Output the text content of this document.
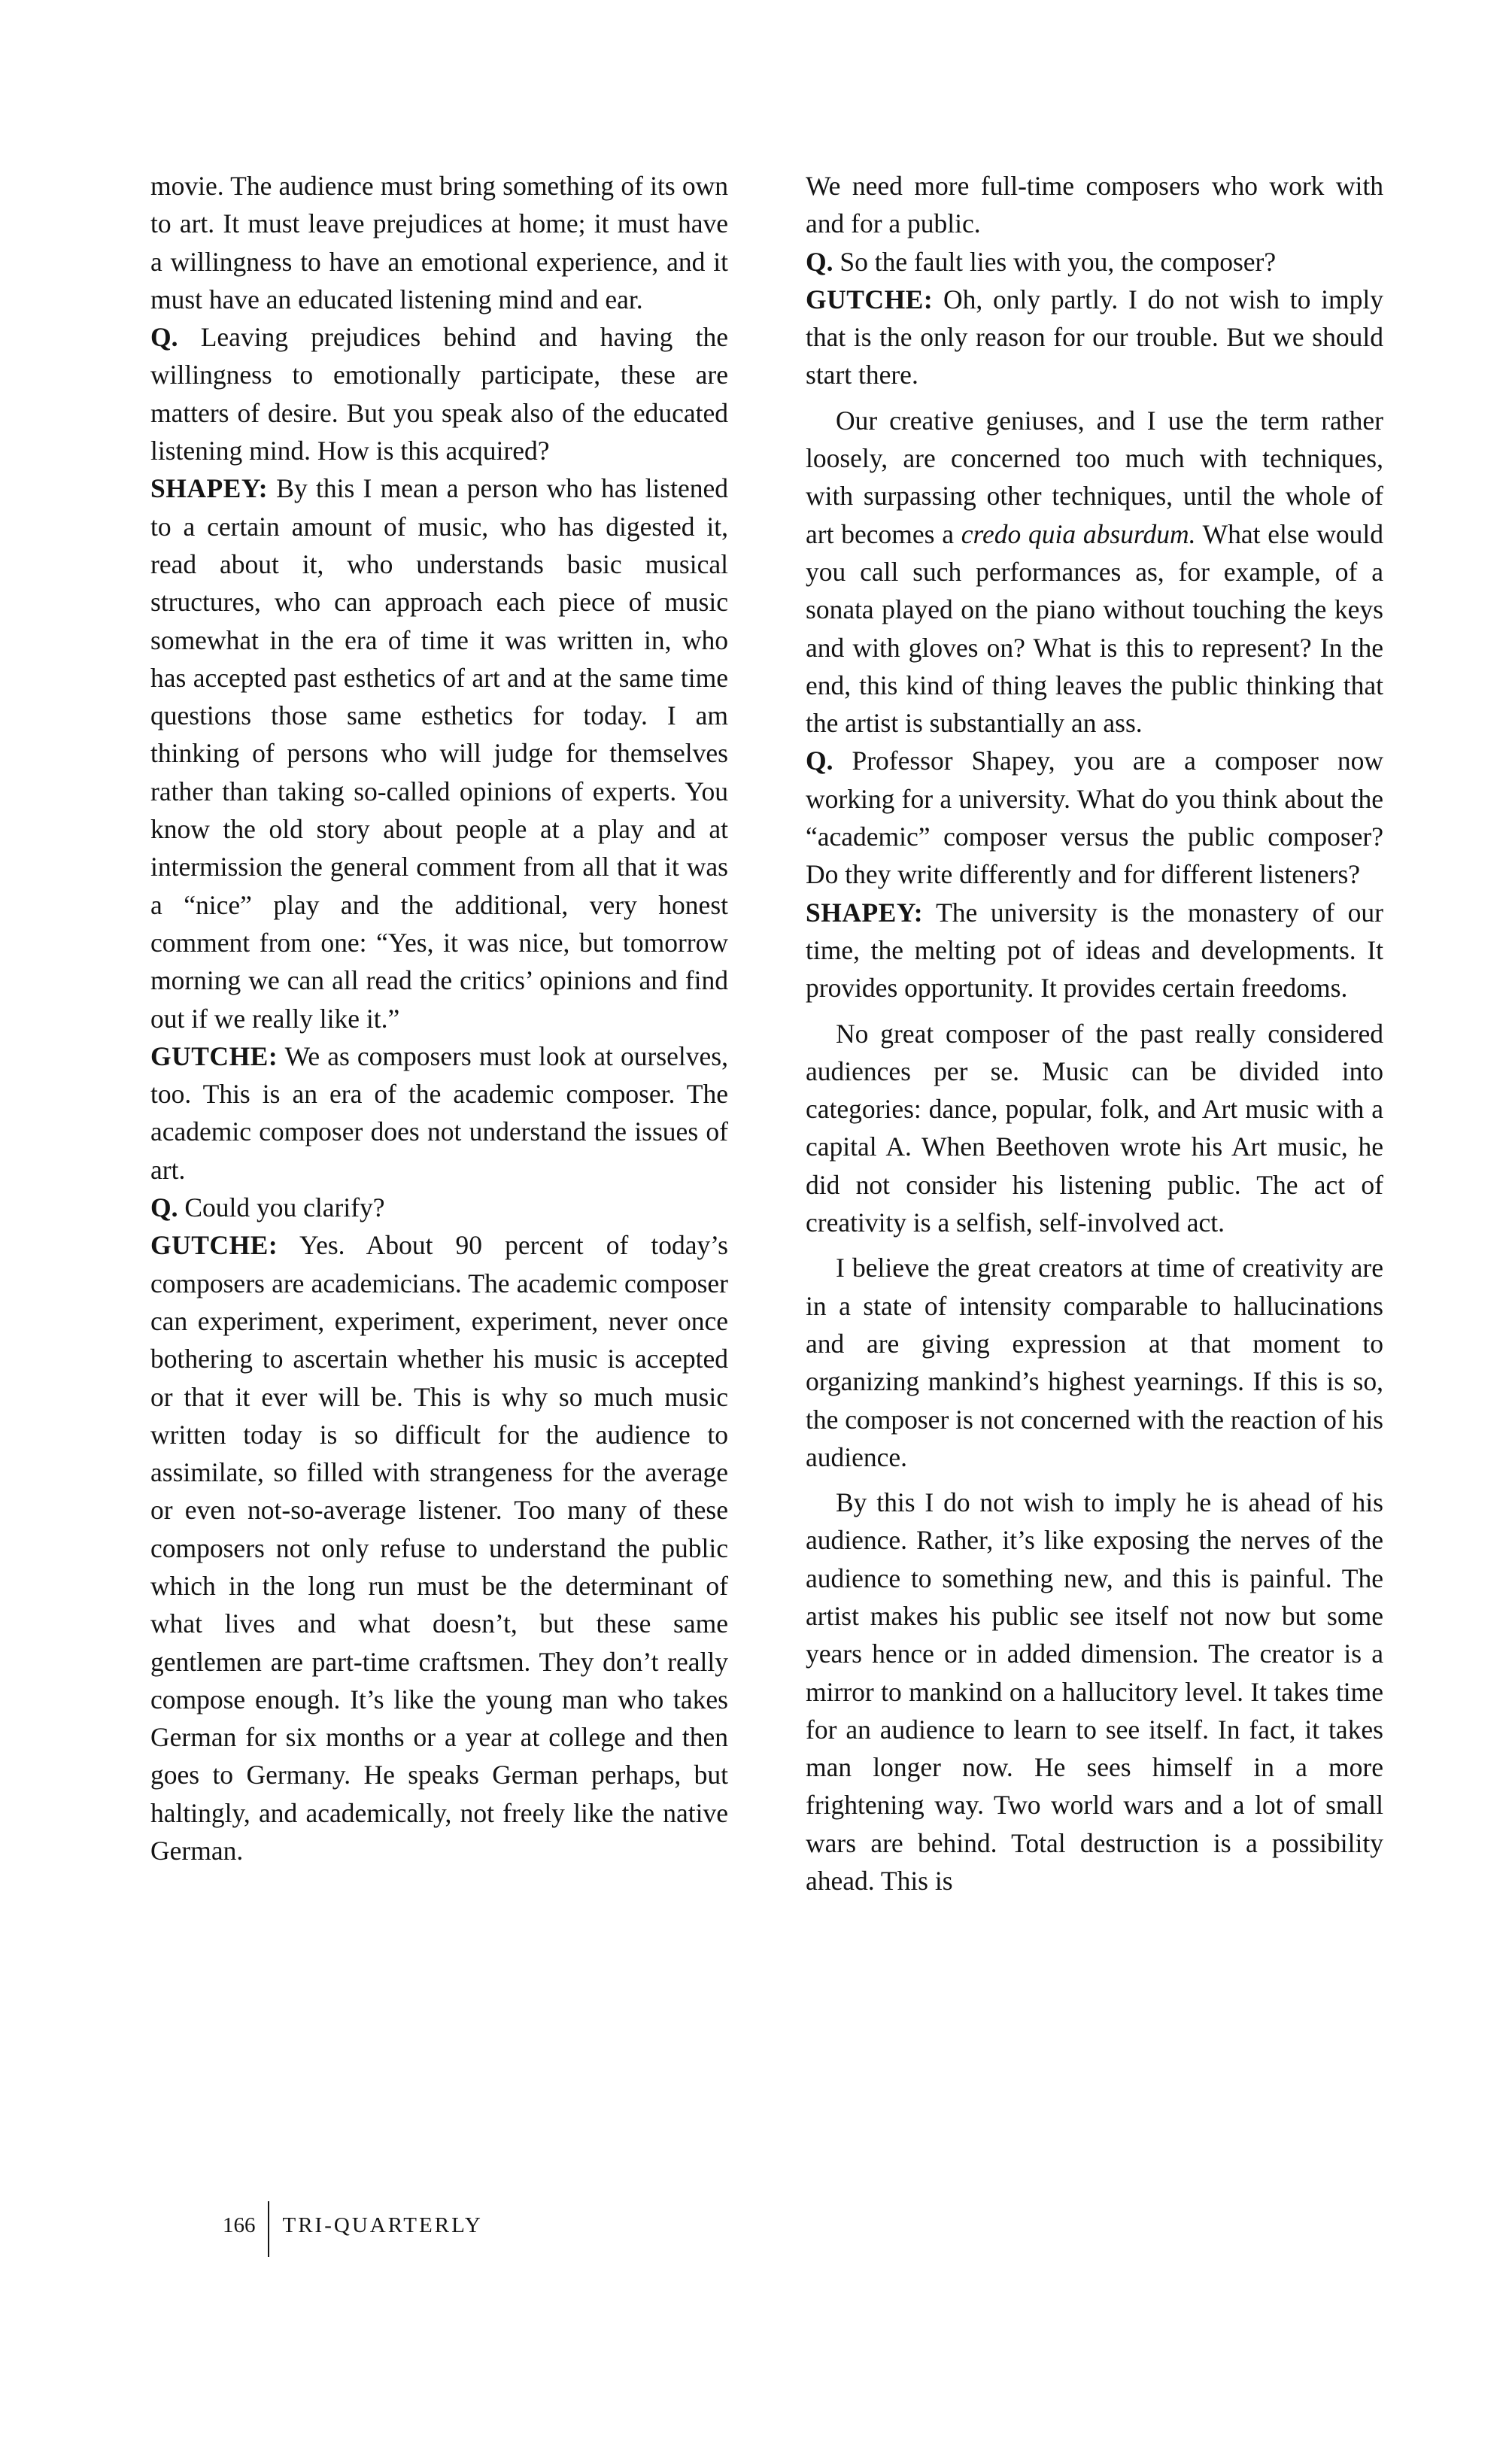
movie. The audience must bring something of its own to art. It must leave prejudices at home; it must have a willingness to have an emotional experience, and it must have an educated listening mind and ear.

Q. Leaving prejudices behind and having the willingness to emotionally participate, these are matters of desire. But you speak also of the educated listening mind. How is this acquired?

SHAPEY: By this I mean a person who has listened to a certain amount of music, who has digested it, read about it, who understands basic musical structures, who can approach each piece of music somewhat in the era of time it was written in, who has accepted past esthetics of art and at the same time questions those same esthetics for today. I am thinking of persons who will judge for themselves rather than taking so-called opinions of experts. You know the old story about people at a play and at intermission the general comment from all that it was a “nice” play and the additional, very honest comment from one: “Yes, it was nice, but tomorrow morning we can all read the critics’ opinions and find out if we really like it.”

GUTCHE: We as composers must look at ourselves, too. This is an era of the academic composer. The academic composer does not understand the issues of art.

Q. Could you clarify?

GUTCHE: Yes. About 90 percent of today’s composers are academicians. The academic composer can experiment, experiment, experiment, never once bothering to ascertain whether his music is accepted or that it ever will be. This is why so much music written today is so difficult for the audience to assimilate, so filled with strangeness for the average or even not-so-average listener. Too many of these composers not only refuse to understand the public which in the long run must be the determinant of what lives and what doesn’t, but these same gentlemen are part-time craftsmen. They don’t really compose enough. It’s like the young man who takes German for six months or a year at college and then goes to Germany. He speaks German perhaps, but haltingly, and academically, not freely like the native German.

We need more full-time composers who work with and for a public.

Q. So the fault lies with you, the composer?

GUTCHE: Oh, only partly. I do not wish to imply that is the only reason for our trouble. But we should start there.

Our creative geniuses, and I use the term rather loosely, are concerned too much with techniques, with surpassing other techniques, until the whole of art becomes a credo quia absurdum. What else would you call such performances as, for example, of a sonata played on the piano without touching the keys and with gloves on? What is this to represent? In the end, this kind of thing leaves the public thinking that the artist is substantially an ass.

Q. Professor Shapey, you are a composer now working for a university. What do you think about the “academic” composer versus the public composer? Do they write differently and for different listeners?

SHAPEY: The university is the monastery of our time, the melting pot of ideas and developments. It provides opportunity. It provides certain freedoms.

No great composer of the past really considered audiences per se. Music can be divided into categories: dance, popular, folk, and Art music with a capital A. When Beethoven wrote his Art music, he did not consider his listening public. The act of creativity is a selfish, self-involved act.

I believe the great creators at time of creativity are in a state of intensity comparable to hallucinations and are giving expression at that moment to organizing mankind’s highest yearnings. If this is so, the composer is not concerned with the reaction of his audience.

By this I do not wish to imply he is ahead of his audience. Rather, it’s like exposing the nerves of the audience to something new, and this is painful. The artist makes his public see itself not now but some years hence or in added dimension. The creator is a mirror to mankind on a hallucitory level. It takes time for an audience to learn to see itself. In fact, it takes man longer now. He sees himself in a more frightening way. Two world wars and a lot of small wars are behind. Total destruction is a possibility ahead. This is

166	TRI-QUARTERLY
